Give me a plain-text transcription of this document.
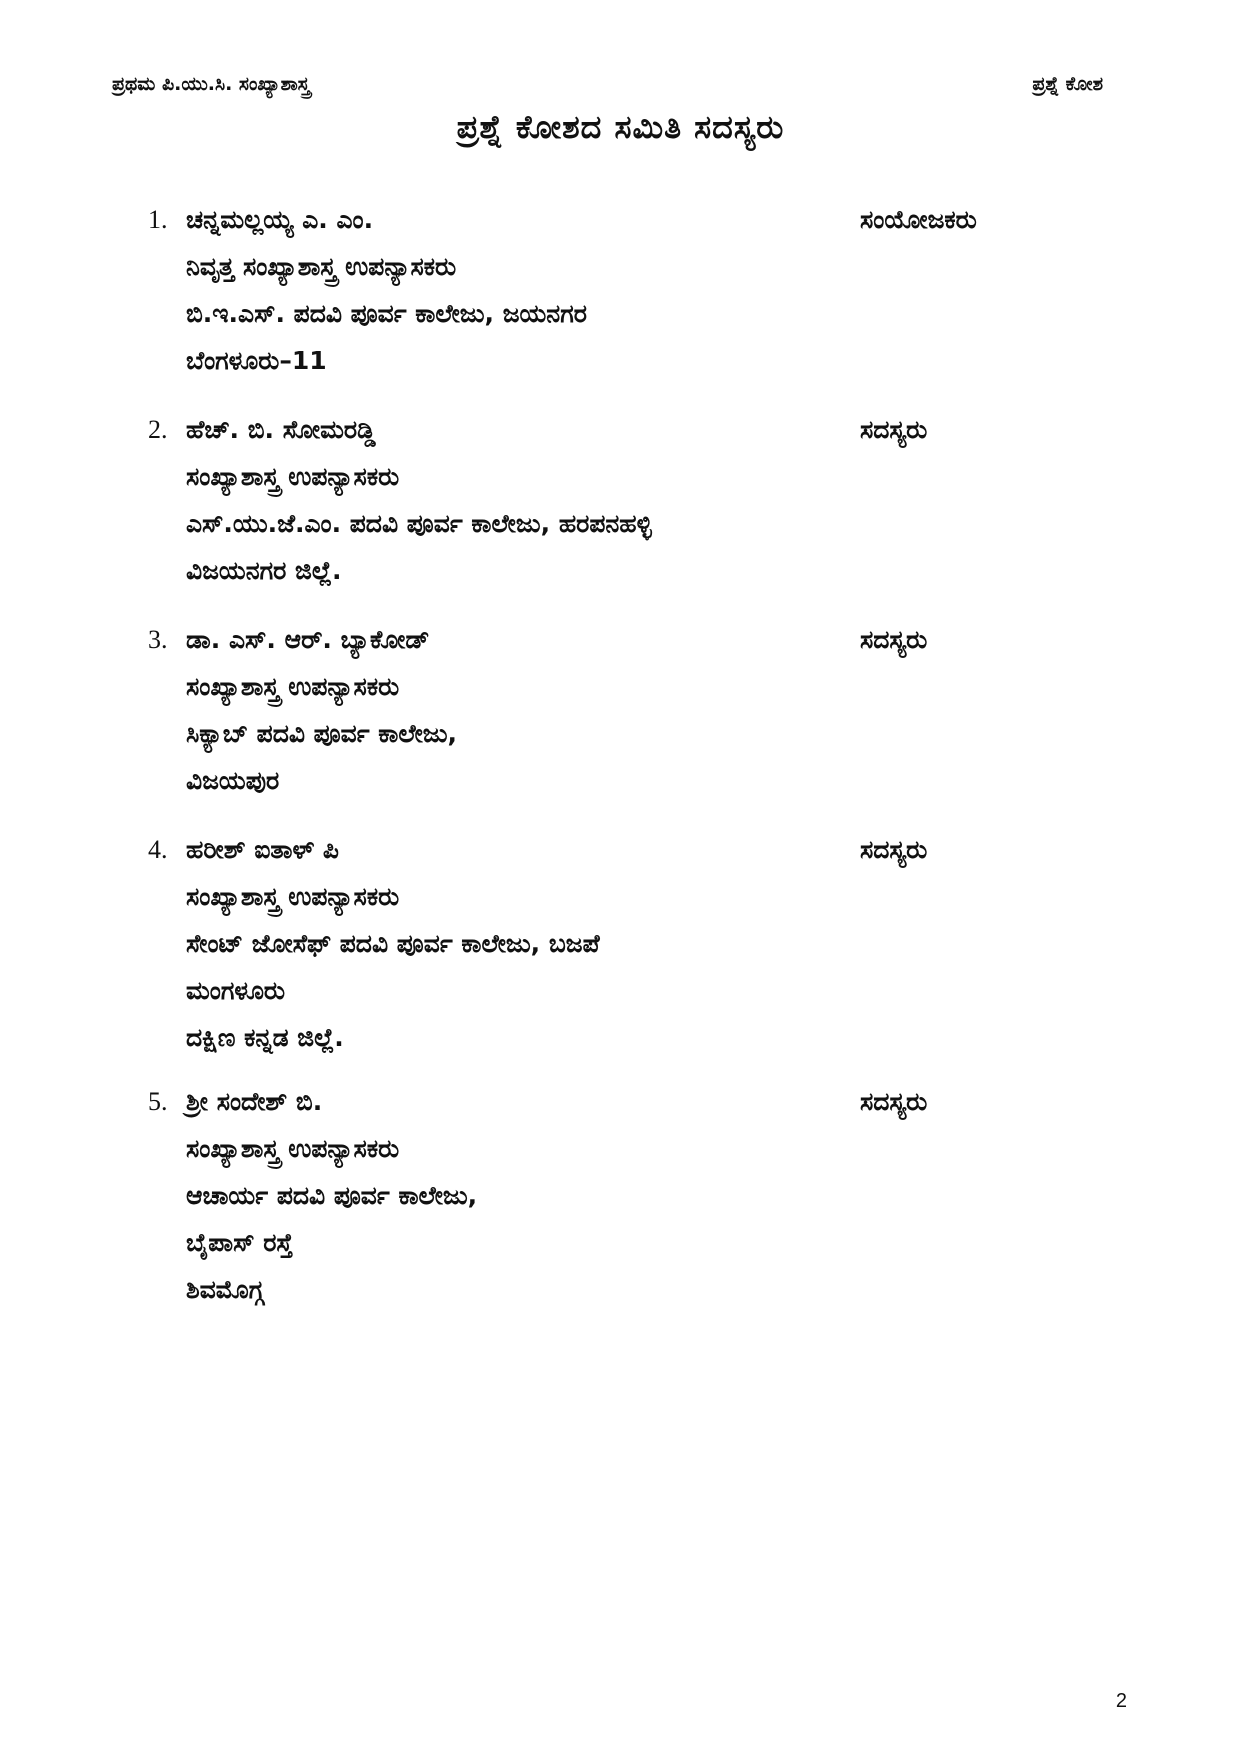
ಪ್ರಥಮ ಪಿ.ಯು.ಸಿ. ಸಂಖ್ಯಾಶಾಸ್ತ್ರ	ಪ್ರಶ್ನೆ ಕೋಶ
ಪ್ರಶ್ನೆ ಕೋಶದ ಸಮಿತಿ ಸದಸ್ಯರು
1. ಚನ್ನಮಲ್ಲಯ್ಯ ಎ. ಎಂ.	ಸಂಯೋಜಕರು
ನಿವೃತ್ತ ಸಂಖ್ಯಾಶಾಸ್ತ್ರ ಉಪನ್ಯಾಸಕರು
ಬಿ.ಇ.ಎಸ್. ಪದವಿ ಪೂರ್ವ ಕಾಲೇಜು, ಜಯನಗರ
ಬೆಂಗಳೂರು–11
2. ಹೆಚ್. ಬಿ. ಸೋಮರಡ್ಡಿ	ಸದಸ್ಯರು
ಸಂಖ್ಯಾಶಾಸ್ತ್ರ ಉಪನ್ಯಾಸಕರು
ಎಸ್.ಯು.ಜೆ.ಎಂ. ಪದವಿ ಪೂರ್ವ ಕಾಲೇಜು, ಹರಪನಹಳ್ಳಿ
ವಿಜಯನಗರ ಜಿಲ್ಲೆ.
3. ಡಾ. ಎಸ್. ಆರ್. ಬ್ಯಾಕೋಡ್	ಸದಸ್ಯರು
ಸಂಖ್ಯಾಶಾಸ್ತ್ರ ಉಪನ್ಯಾಸಕರು
ಸಿಕ್ಯಾಬ್ ಪದವಿ ಪೂರ್ವ ಕಾಲೇಜು,
ವಿಜಯಪುರ
4. ಹರೀಶ್ ಐತಾಳ್ ಪಿ	ಸದಸ್ಯರು
ಸಂಖ್ಯಾಶಾಸ್ತ್ರ ಉಪನ್ಯಾಸಕರು
ಸೇಂಟ್ ಜೋಸೆಫ್ ಪದವಿ ಪೂರ್ವ ಕಾಲೇಜು, ಬಜಪೆ
ಮಂಗಳೂರು
ದಕ್ಷಿಣ ಕನ್ನಡ ಜಿಲ್ಲೆ.
5. ಶ್ರೀ ಸಂದೇಶ್ ಬಿ.	ಸದಸ್ಯರು
ಸಂಖ್ಯಾಶಾಸ್ತ್ರ ಉಪನ್ಯಾಸಕರು
ಆಚಾರ್ಯ ಪದವಿ ಪೂರ್ವ ಕಾಲೇಜು,
ಬೈಪಾಸ್ ರಸ್ತೆ
ಶಿವಮೊಗ್ಗ
2
